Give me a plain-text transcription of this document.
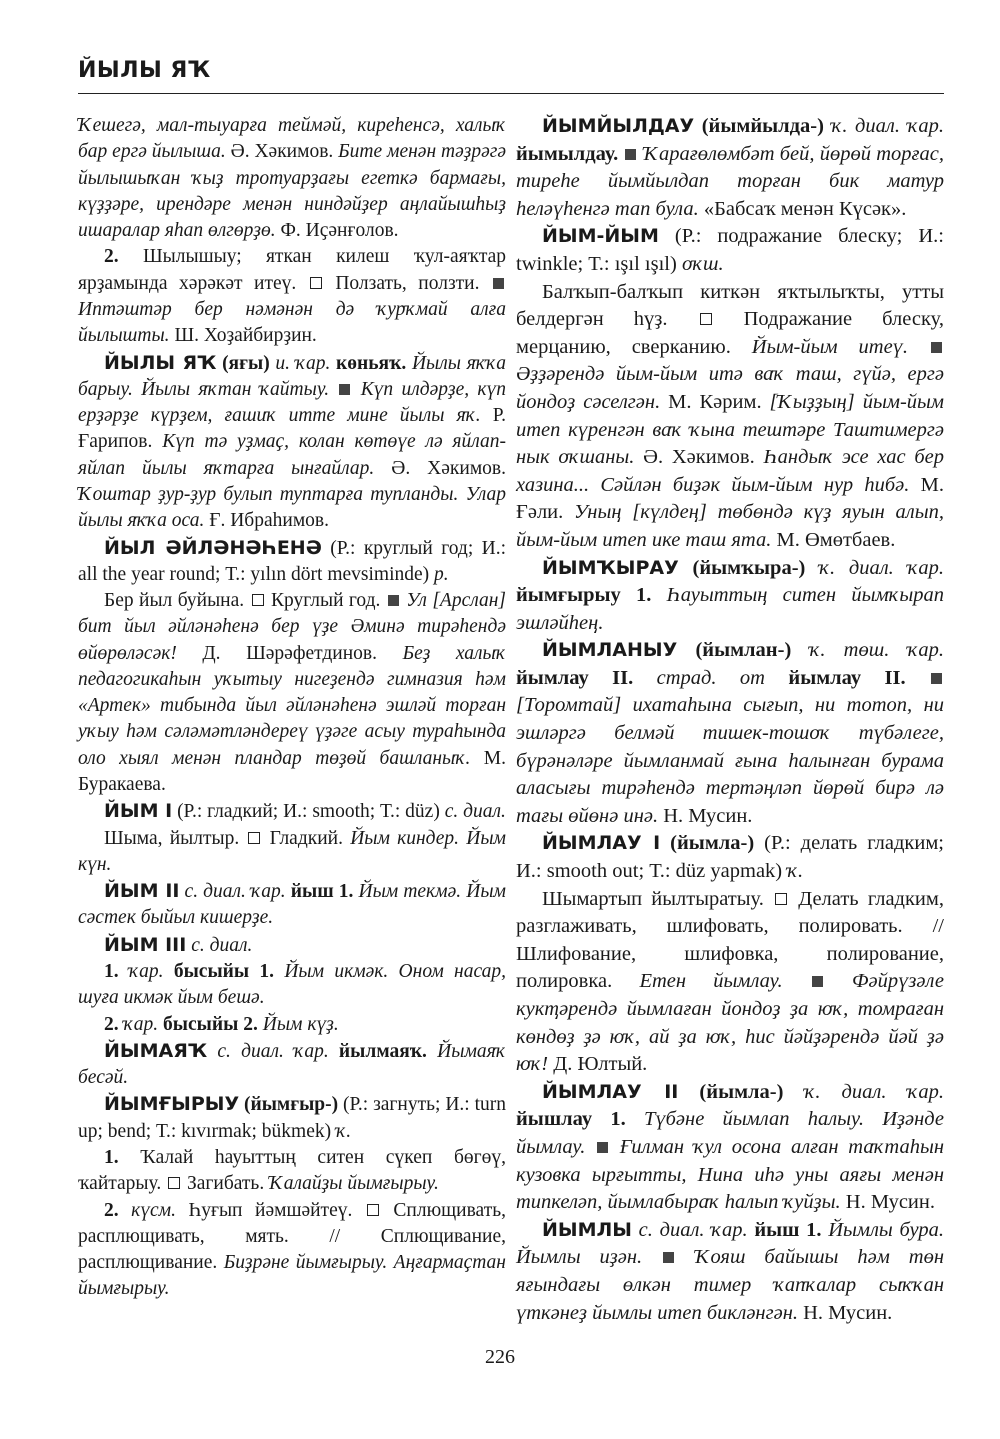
ЙЫЛЫ ЯҠ

Ҡешегә, мал-тыуарға теймәй, киреһенсә, халыҡ бар ергә йылыша. Ә. Хәкимов. Бите менән тәҙрәгә йылышыҡан ҡыҙ тротуарҙағы егеткә бармағы, күҙҙәре, ирендәре менән ниндәйҙер аңлайышһыҙ ишаралар яһап өлгөрҙө. Ф. Иҫәнғолов.

2. Шылышыу; яткан килеш ҡул-аяҡтар ярҙамында хәрәкәт итеү.  Ползать, ползти.  Иптәштәр бер нәмәнән дә ҡурҡмай алға йылышты. Ш. Хоҙайбирҙин.

ЙЫЛЫ ЯҠ (яғы) и. ҡар. көньяҡ. Йылы яҡҡа барыу. Йылы яҡтан ҡайтыу.  Күп илдәрҙе, күп ерҙәрҙе күрҙем, ғашиҡ итте мине йылы яҡ. Р. Ғарипов. Күп тә уҙмаҫ, колан көтөүе лә яйлап-яйлап йылы яҡтарға ынғайлар. Ә. Хәкимов. Ҡоштар ҙур-ҙур булып туптарға тупланды. Улар йылы яҡҡа оса. Ғ. Ибраһимов.

ЙЫЛ ӘЙЛӘНӘҺЕНӘ (Р.: круглый год; И.: all the year round; Т.: yılın dört mevsiminde) р.

Бер йыл буйына.  Круглый год.  Ул [Арслан] бит йыл әйләнәһенә бер үҙе Әминә тирәһендә өйөрөләсәк! Д. Шәрәфетдинов. Беҙ халыҡ педагогикаһын уҡытыу нигеҙендә гимназия һәм «Артек» тибында йыл әйләнәһенә эшләй торған уҡыу һәм сәләмәтләндереү үҙәге асыу тураһында оло хыял менән пландар төҙөй башланыҡ. М. Буракаева.

ЙЫМ I (Р.: гладкий; И.: smooth; Т.: düz) с. диал.

Шыма, йылтыр.  Гладкий. Йым киндер. Йым күн.

ЙЫМ II с. диал. ҡар. йыш 1. Йым текмә. Йым сәстек быйыл кишерҙе.

ЙЫМ III с. диал.

1. ҡар. бысыйы 1. Йым икмәк. Оном насар, шуға икмәк йым бешә.

2. ҡар. бысыйы 2. Йым күҙ.

ЙЫМАЯҠ с. диал. ҡар. йылмаяҡ. Йымаяҡ бесәй.

ЙЫМҒЫРЫУ (йымғыр-) (Р.: загнуть; И.: turn up; bend; Т.: kıvırmak; bükmek) ҡ.

1. Ҡалай һауыттың ситен сүкеп бөгөү, ҡайтарыу.  Загибать. Ҡалайҙы йымғырыу.

2. күсм. Һуғып йәмшәйтеү.  Сплющивать, расплющивать, мять. // Сплющивание, расплющивание. Биҙрәне йымғырыу. Аңғармаҫтан йымғырыу.

ЙЫМЙЫЛДАУ (йымйылда-) ҡ. диал. ҡар. йымылдау.  Ҡарағөлөмбәт бей, йөрөй торғас, тиреһе йымйылдап торған бик матур һеләүһенгә тап була. «Бабсаҡ менән Күсәк».

ЙЫМ-ЙЫМ (Р.: подражание блеску; И.: twinkle; Т.: ışıl ışıl) оҡш.

Балҡып-балҡып киткән яҡтылыҡты, утты белдергән һүҙ.  Подражание блеску, мерцанию, сверканию. Йым-йым итеү.  Әҙҙәрендә йым-йым итә ваҡ таш, гүйә, ергә йондоҙ сәселгән. М. Кәрим. [Ҡыҙҙың] йым-йым итеп күренгән ваҡ ҡына тештәре Таштимергә нык оҡшаны. Ә. Хәкимов. Һандыҡ эсе хас бер хазина... Сәйлән биҙәк йым-йым нур һибә. М. Ғәли. Уның [күлдең] төбөндә күҙ яуын алып, йым-йым итеп ике таш ята. М. Өмөтбаев.

ЙЫМҠЫРАУ (йымҡыра-) ҡ. диал. ҡар. йымғырыу 1. Һауыттың ситен йымҡырап эшләйһең.

ЙЫМЛАНЫУ (йымлан-) ҡ. төш. ҡар. йымлау II. страд. от йымлау II.  [Торомтай] ихатаһына сығып, ни тотоп, ни эшләргә белмәй тишек-тошоҡ түбәлеге, бүрәнәләре йымланмай ғына һалынған бурама аласығы тирәһендә тертәңләп йөрөй бирә лә тағы өйөнә инә. Н. Мусин.

ЙЫМЛАУ I (йымла-) (Р.: делать гладким; И.: smooth out; Т.: düz yapmak) ҡ.

Шымартып йылтыратыу.  Делать гладким, разглаживать, шлифовать, полировать. // Шлифование, шлифовка, полирование, полировка. Етен йымлау.  Фәйрүзәле кукҭәрендә йымлаған йондоҙ ҙа юҡ, томраған көндөҙ ҙә юҡ, ай ҙа юҡ, һис йәйҙәрендә йәй ҙә юҡ! Д. Юлтый.

ЙЫМЛАУ II (йымла-) ҡ. диал. ҡар. йышлау 1. Түбәне йымлап һалыу. Иҙәнде йымлау.  Ғилман ҡул осона алған таҡтаһын кузовка ырғытты, Нина иһә уны аяғы менән типкеләп, йымлабыраҡ һалып ҡуйҙы. Н. Мусин.

ЙЫМЛЫ с. диал. ҡар. йыш 1. Йымлы бура. Йымлы иҙән.  Ҡояш байышы һәм төн яғындағы өлкән тимер ҡапҡалар сыҡҡан үткәнеҙ йымлы итеп бикләнгән. Н. Мусин.

226
